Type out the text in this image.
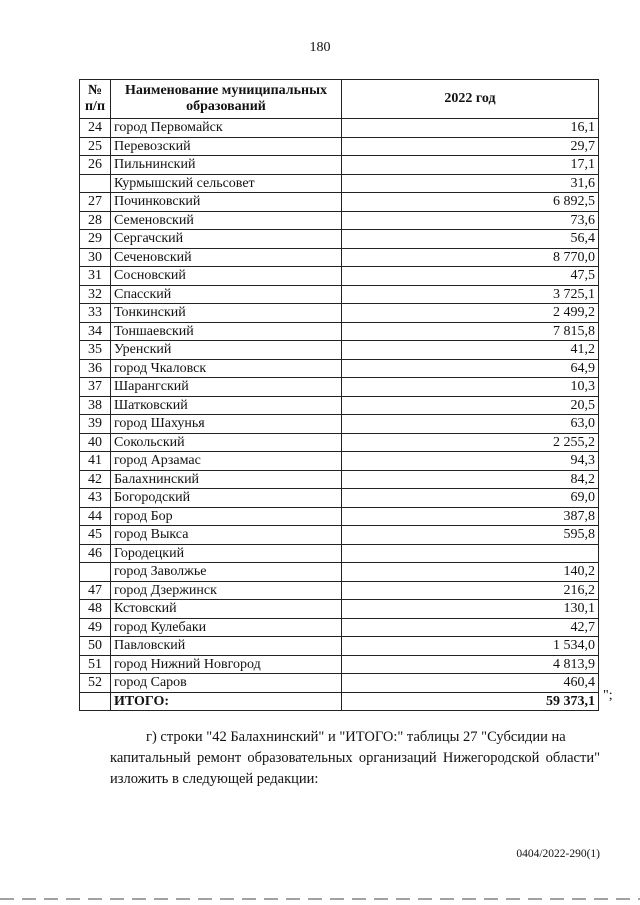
180
№ п/п	Наименование муниципальных образований	2022 год
24	город Первомайск	16,1
25	Перевозский	29,7
26	Пильнинский	17,1
	Курмышский сельсовет	31,6
27	Починковский	6 892,5
28	Семеновский	73,6
29	Сергачский	56,4
30	Сеченовский	8 770,0
31	Сосновский	47,5
32	Спасский	3 725,1
33	Тонкинский	2 499,2
34	Тоншаевский	7 815,8
35	Уренский	41,2
36	город Чкаловск	64,9
37	Шарангский	10,3
38	Шатковский	20,5
39	город Шахунья	63,0
40	Сокольский	2 255,2
41	город Арзамас	94,3
42	Балахнинский	84,2
43	Богородский	69,0
44	город Бор	387,8
45	город Выкса	595,8
46	Городецкий	
	город Заволжье	140,2
47	город Дзержинск	216,2
48	Кстовский	130,1
49	город Кулебаки	42,7
50	Павловский	1 534,0
51	город Нижний Новгород	4 813,9
52	город Саров	460,4
	ИТОГО:	59 373,1 ";
г) строки "42 Балахнинский" и "ИТОГО:" таблицы 27 "Субсидии на
капитальный ремонт образовательных организаций Нижегородской области" изложить в следующей редакции:
0404/2022-290(1)
